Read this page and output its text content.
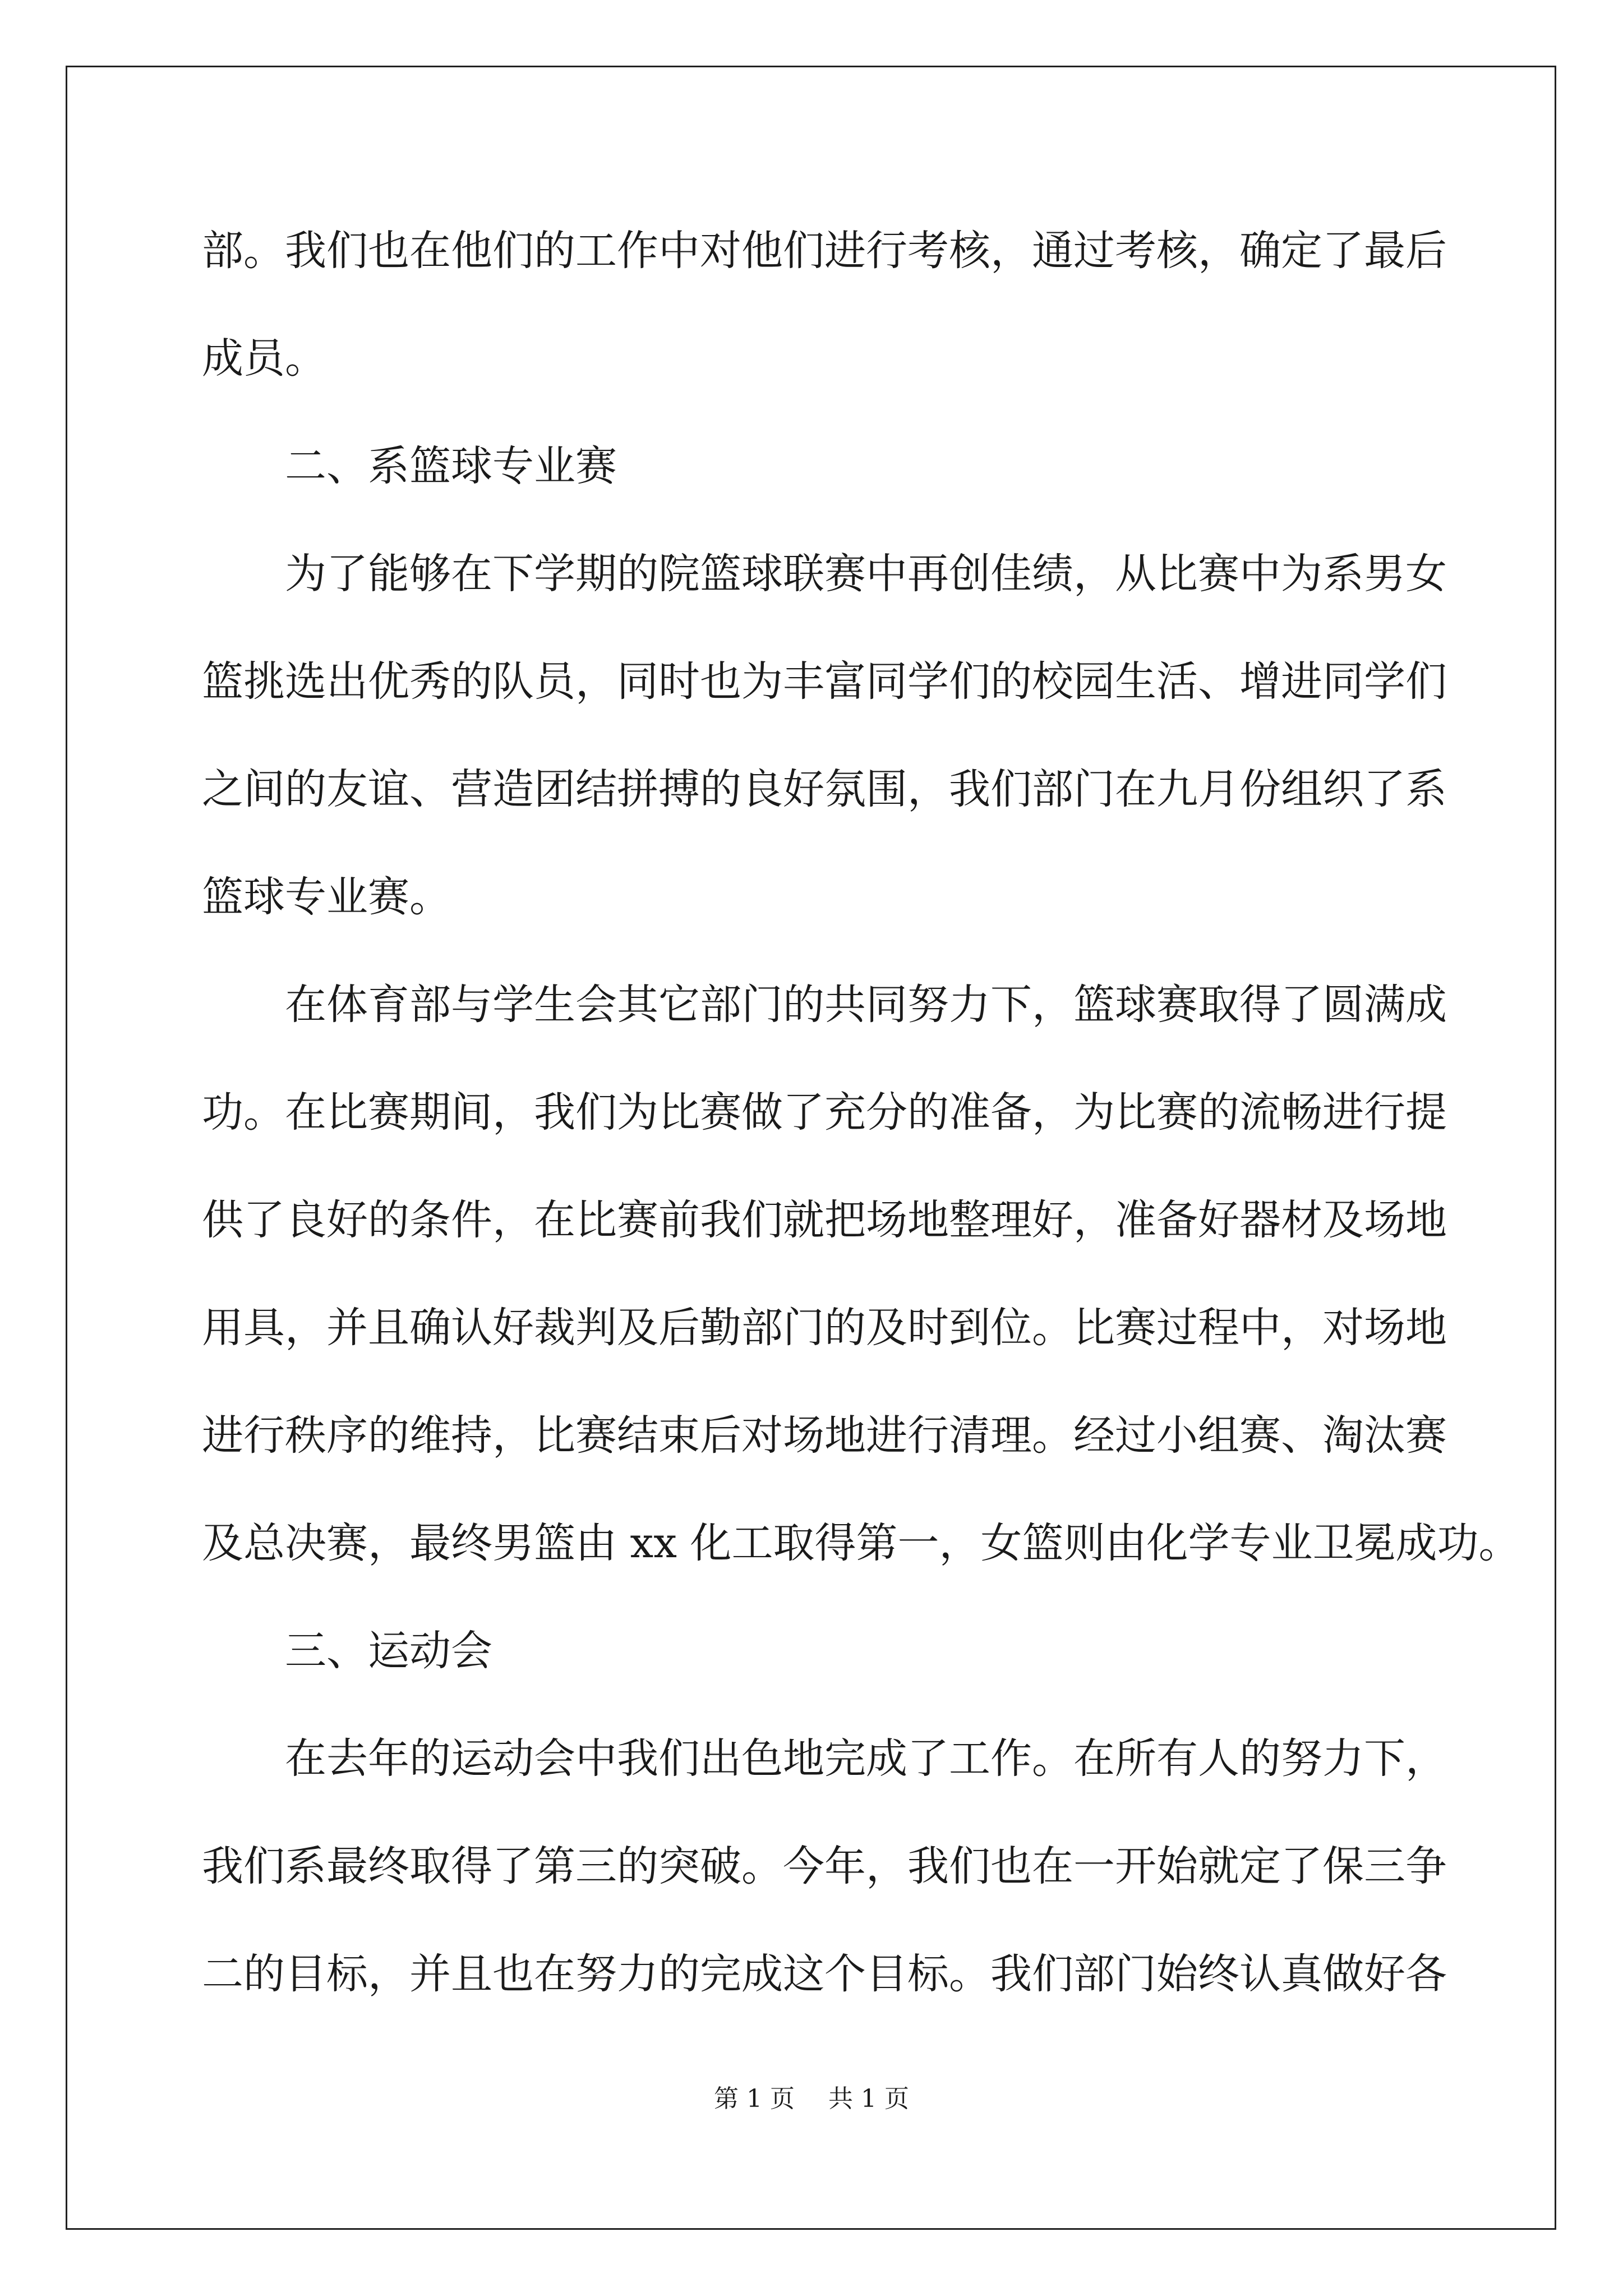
部。我们也在他们的工作中对他们进行考核，通过考核，确定了最后
成员。
二、系篮球专业赛
为了能够在下学期的院篮球联赛中再创佳绩，从比赛中为系男女
篮挑选出优秀的队员，同时也为丰富同学们的校园生活、增进同学们
之间的友谊、营造团结拼搏的良好氛围，我们部门在九月份组织了系
篮球专业赛。
在体育部与学生会其它部门的共同努力下，篮球赛取得了圆满成
功。在比赛期间，我们为比赛做了充分的准备，为比赛的流畅进行提
供了良好的条件，在比赛前我们就把场地整理好，准备好器材及场地
用具，并且确认好裁判及后勤部门的及时到位。比赛过程中，对场地
进行秩序的维持，比赛结束后对场地进行清理。经过小组赛、淘汰赛
及总决赛，最终男篮由 xx 化工取得第一，女篮则由化学专业卫冕成功。
三、运动会
在去年的运动会中我们出色地完成了工作。在所有人的努力下，
我们系最终取得了第三的突破。今年，我们也在一开始就定了保三争
二的目标，并且也在努力的完成这个目标。我们部门始终认真做好各
第 1 页 共 1 页
